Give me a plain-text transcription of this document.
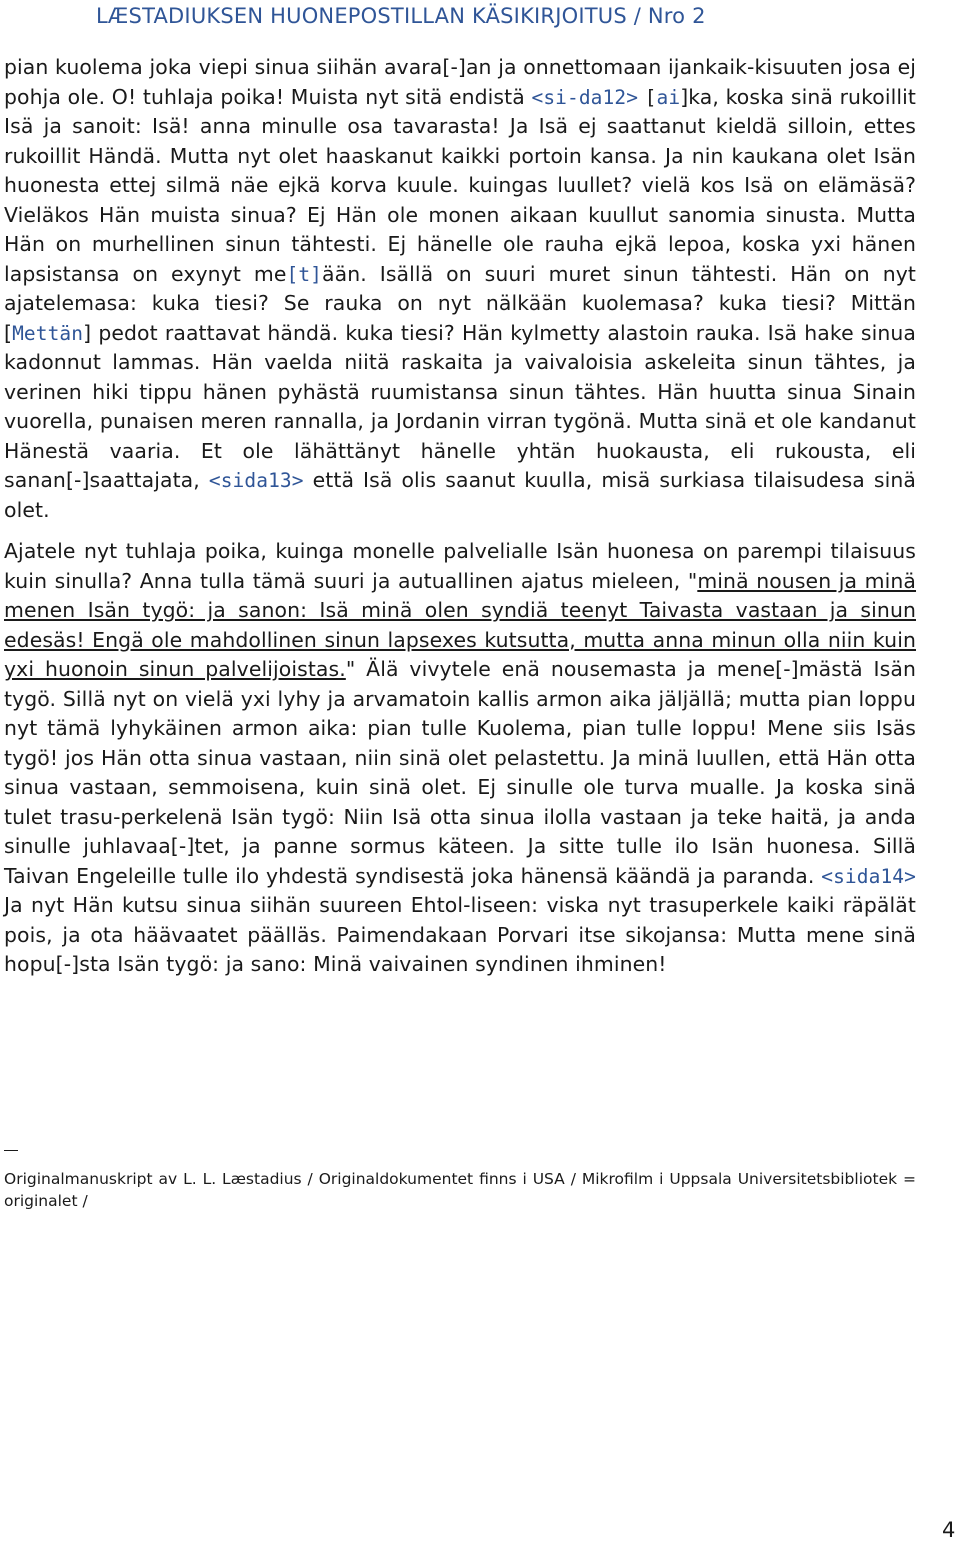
LÆSTADIUKSEN HUONEPOSTILLAN KÄSIKIRJOITUS / Nro 2

pian kuolema joka viepi sinua siihän avara[-]an ja onnettomaan ijankaik-kisuuten josa ej pohja ole. O! tuhlaja poika! Muista nyt sitä endistä <si-da12> [ai]ka, koska sinä rukoillit Isä ja sanoit: Isä! anna minulle osa tavarasta! Ja Isä ej saattanut kieldä silloin, ettes rukoillit Händä. Mutta nyt olet haaskanut kaikki portoin kansa. Ja nin kaukana olet Isän huonesta ettej silmä näe ejkä korva kuule. kuingas luullet? vielä kos Isä on elämäsä? Vieläkos Hän muista sinua? Ej Hän ole monen aikaan kuullut sanomia sinusta. Mutta Hän on murhellinen sinun tähtesti. Ej hänelle ole rauha ejkä lepoa, koska yxi hänen lapsistansa on exynyt me[t]ään. Isällä on suuri muret sinun tähtesti. Hän on nyt ajatelemasa: kuka tiesi? Se rauka on nyt nälkään kuolemasa? kuka tiesi? Mittän [Mettän] pedot raattavat händä. kuka tiesi? Hän kylmetty alastoin rauka. Isä hake sinua kadonnut lammas. Hän vaelda niitä raskaita ja vaivaloisia askeleita sinun tähtes, ja verinen hiki tippu hänen pyhästä ruumistansa sinun tähtes. Hän huutta sinua Sinain vuorella, punaisen meren rannalla, ja Jordanin virran tygönä. Mutta sinä et ole kandanut Hänestä vaaria. Et ole lähättänyt hänelle yhtän huokausta, eli rukousta, eli sanan[-]saattajata, <sida13> että Isä olis saanut kuulla, misä surkiasa tilaisudesa sinä olet.

Ajatele nyt tuhlaja poika, kuinga monelle palvelialle Isän huonesa on parempi tilaisuus kuin sinulla? Anna tulla tämä suuri ja autuallinen ajatus mieleen, "minä nousen ja minä menen Isän tygö: ja sanon: Isä minä olen syndiä teenyt Taivasta vastaan ja sinun edesäs! Engä ole mahdollinen sinun lapsexes kutsutta, mutta anna minun olla niin kuin yxi huonoin sinun palvelijoistas." Älä vivytele enä nousemasta ja mene[-]mästä Isän tygö. Sillä nyt on vielä yxi lyhy ja arvamatoin kallis armon aika jäljällä; mutta pian loppu nyt tämä lyhykäinen armon aika: pian tulle Kuolema, pian tulle loppu! Mene siis Isäs tygö! jos Hän otta sinua vastaan, niin sinä olet pelastettu. Ja minä luullen, että Hän otta sinua vastaan, semmoisena, kuin sinä olet. Ej sinulle ole turva mualle. Ja koska sinä tulet trasu-perkelenä Isän tygö: Niin Isä otta sinua ilolla vastaan ja teke haitä, ja anda sinulle juhlavaa[-]tet, ja panne sormus käteen. Ja sitte tulle ilo Isän huonesa. Sillä Taivan Engeleille tulle ilo yhdestä syndisestä joka hänensä käändä ja paranda. <sida14> Ja nyt Hän kutsu sinua siihän suureen Ehtol-liseen: viska nyt trasuperkele kaiki räpälät pois, ja ota häävaatet päälläs. Paimendakaan Porvari itse sikojansa: Mutta mene sinä hopu[-]sta Isän tygö: ja sano: Minä vaivainen syndinen ihminen!

Originalmanuskript av L. L. Læstadius / Originaldokumentet finns i USA / Mikrofilm i Uppsala Universitetsbibliotek = originalet /
4
